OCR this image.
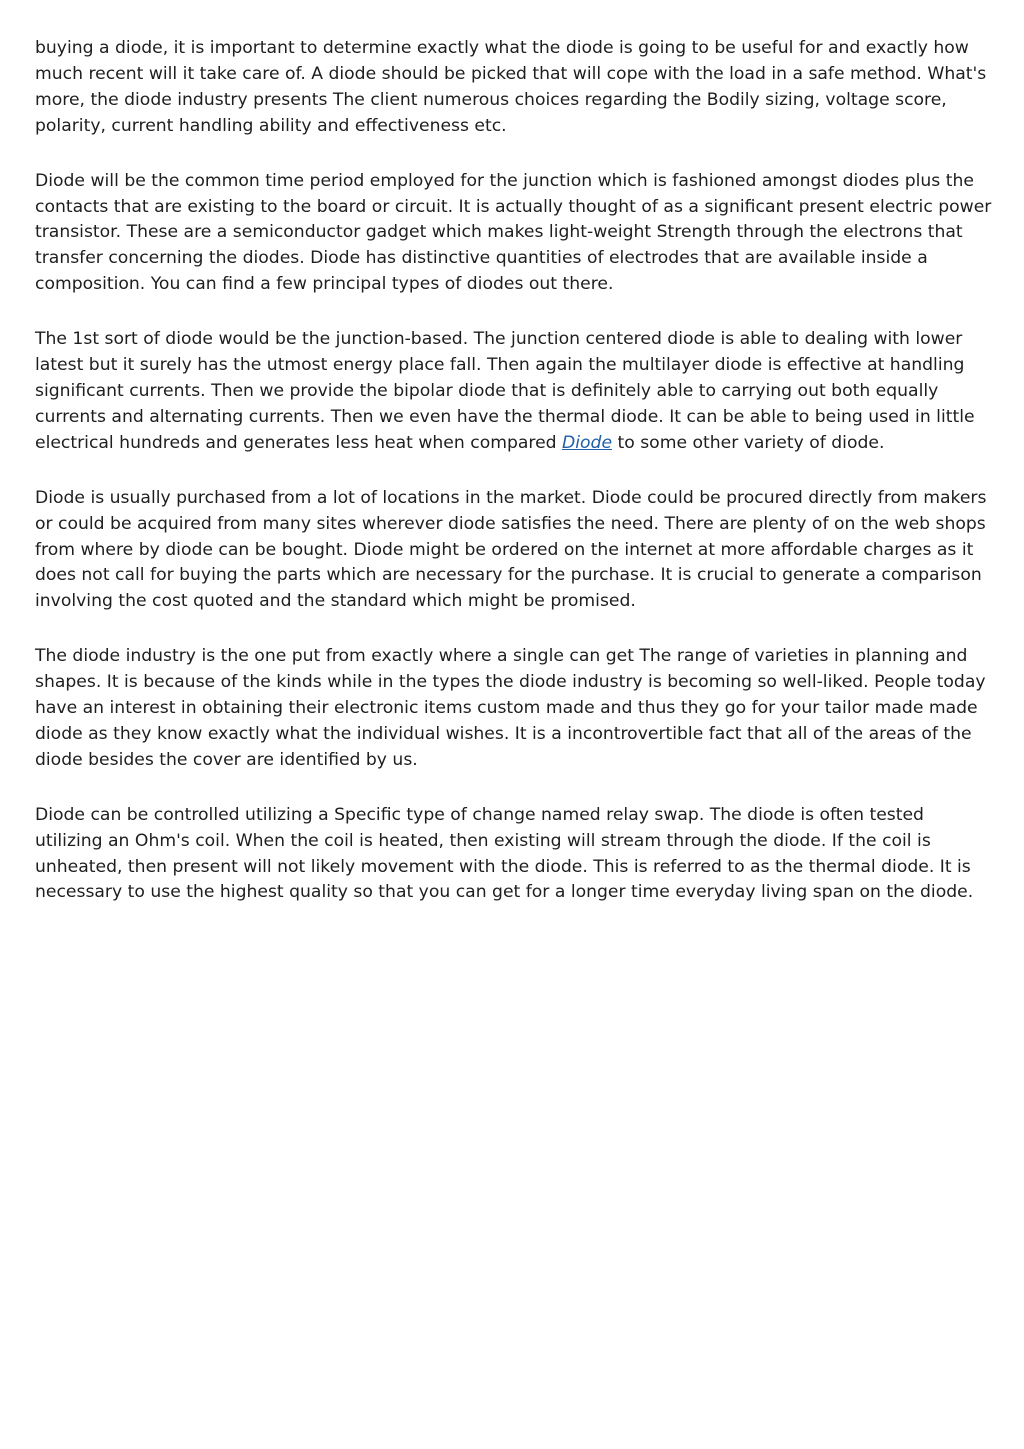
buying a diode, it is important to determine exactly what the diode is going to be useful for and exactly how much recent will it take care of. A diode should be picked that will cope with the load in a safe method. What's more, the diode industry presents The client numerous choices regarding the Bodily sizing, voltage score, polarity, current handling ability and effectiveness etc.

Diode will be the common time period employed for the junction which is fashioned amongst diodes plus the contacts that are existing to the board or circuit. It is actually thought of as a significant present electric power transistor. These are a semiconductor gadget which makes light-weight Strength through the electrons that transfer concerning the diodes. Diode has distinctive quantities of electrodes that are available inside a composition. You can find a few principal types of diodes out there.

The 1st sort of diode would be the junction-based. The junction centered diode is able to dealing with lower latest but it surely has the utmost energy place fall. Then again the multilayer diode is effective at handling significant currents. Then we provide the bipolar diode that is definitely able to carrying out both equally currents and alternating currents. Then we even have the thermal diode. It can be able to being used in little electrical hundreds and generates less heat when compared Diode to some other variety of diode.

Diode is usually purchased from a lot of locations in the market. Diode could be procured directly from makers or could be acquired from many sites wherever diode satisfies the need. There are plenty of on the web shops from where by diode can be bought. Diode might be ordered on the internet at more affordable charges as it does not call for buying the parts which are necessary for the purchase. It is crucial to generate a comparison involving the cost quoted and the standard which might be promised.

The diode industry is the one put from exactly where a single can get The range of varieties in planning and shapes. It is because of the kinds while in the types the diode industry is becoming so well-liked. People today have an interest in obtaining their electronic items custom made and thus they go for your tailor made made diode as they know exactly what the individual wishes. It is a incontrovertible fact that all of the areas of the diode besides the cover are identified by us.

Diode can be controlled utilizing a Specific type of change named relay swap. The diode is often tested utilizing an Ohm's coil. When the coil is heated, then existing will stream through the diode. If the coil is unheated, then present will not likely movement with the diode. This is referred to as the thermal diode. It is necessary to use the highest quality so that you can get for a longer time everyday living span on the diode.
